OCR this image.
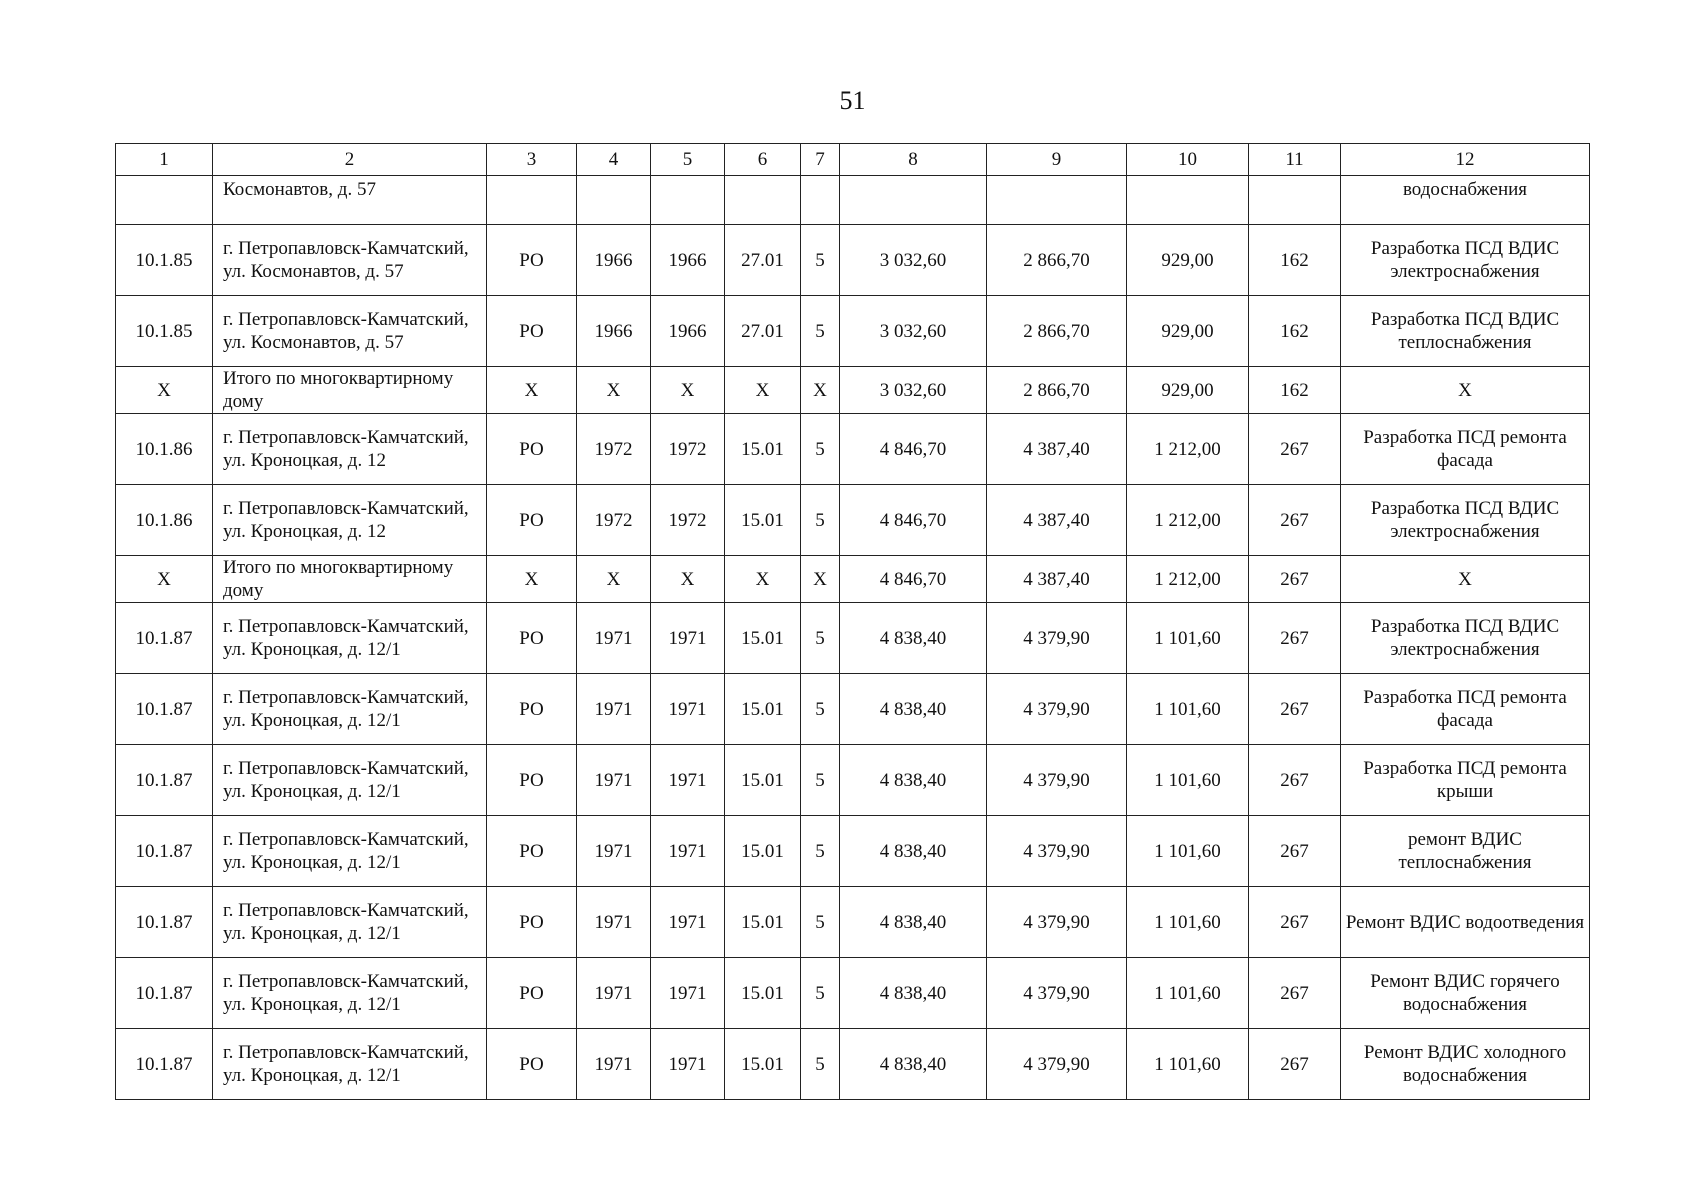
51
1	2	3	4	5	6	7	8	9	10	11	12
	Космонавтов, д. 57										водоснабжения
10.1.85	г. Петропавловск-Камчатский, ул. Космонавтов, д. 57	РО	1966	1966	27.01	5	3 032,60	2 866,70	929,00	162	Разработка ПСД ВДИС электроснабжения
10.1.85	г. Петропавловск-Камчатский, ул. Космонавтов, д. 57	РО	1966	1966	27.01	5	3 032,60	2 866,70	929,00	162	Разработка ПСД ВДИС теплоснабжения
Х	Итого по многоквартирному дому	Х	Х	Х	Х	Х	3 032,60	2 866,70	929,00	162	Х
10.1.86	г. Петропавловск-Камчатский, ул. Кроноцкая, д. 12	РО	1972	1972	15.01	5	4 846,70	4 387,40	1 212,00	267	Разработка ПСД ремонта фасада
10.1.86	г. Петропавловск-Камчатский, ул. Кроноцкая, д. 12	РО	1972	1972	15.01	5	4 846,70	4 387,40	1 212,00	267	Разработка ПСД ВДИС электроснабжения
Х	Итого по многоквартирному дому	Х	Х	Х	Х	Х	4 846,70	4 387,40	1 212,00	267	Х
10.1.87	г. Петропавловск-Камчатский, ул. Кроноцкая, д. 12/1	РО	1971	1971	15.01	5	4 838,40	4 379,90	1 101,60	267	Разработка ПСД ВДИС электроснабжения
10.1.87	г. Петропавловск-Камчатский, ул. Кроноцкая, д. 12/1	РО	1971	1971	15.01	5	4 838,40	4 379,90	1 101,60	267	Разработка ПСД ремонта фасада
10.1.87	г. Петропавловск-Камчатский, ул. Кроноцкая, д. 12/1	РО	1971	1971	15.01	5	4 838,40	4 379,90	1 101,60	267	Разработка ПСД ремонта крыши
10.1.87	г. Петропавловск-Камчатский, ул. Кроноцкая, д. 12/1	РО	1971	1971	15.01	5	4 838,40	4 379,90	1 101,60	267	ремонт ВДИС теплоснабжения
10.1.87	г. Петропавловск-Камчатский, ул. Кроноцкая, д. 12/1	РО	1971	1971	15.01	5	4 838,40	4 379,90	1 101,60	267	Ремонт ВДИС водоотведения
10.1.87	г. Петропавловск-Камчатский, ул. Кроноцкая, д. 12/1	РО	1971	1971	15.01	5	4 838,40	4 379,90	1 101,60	267	Ремонт ВДИС горячего водоснабжения
10.1.87	г. Петропавловск-Камчатский, ул. Кроноцкая, д. 12/1	РО	1971	1971	15.01	5	4 838,40	4 379,90	1 101,60	267	Ремонт ВДИС холодного водоснабжения
